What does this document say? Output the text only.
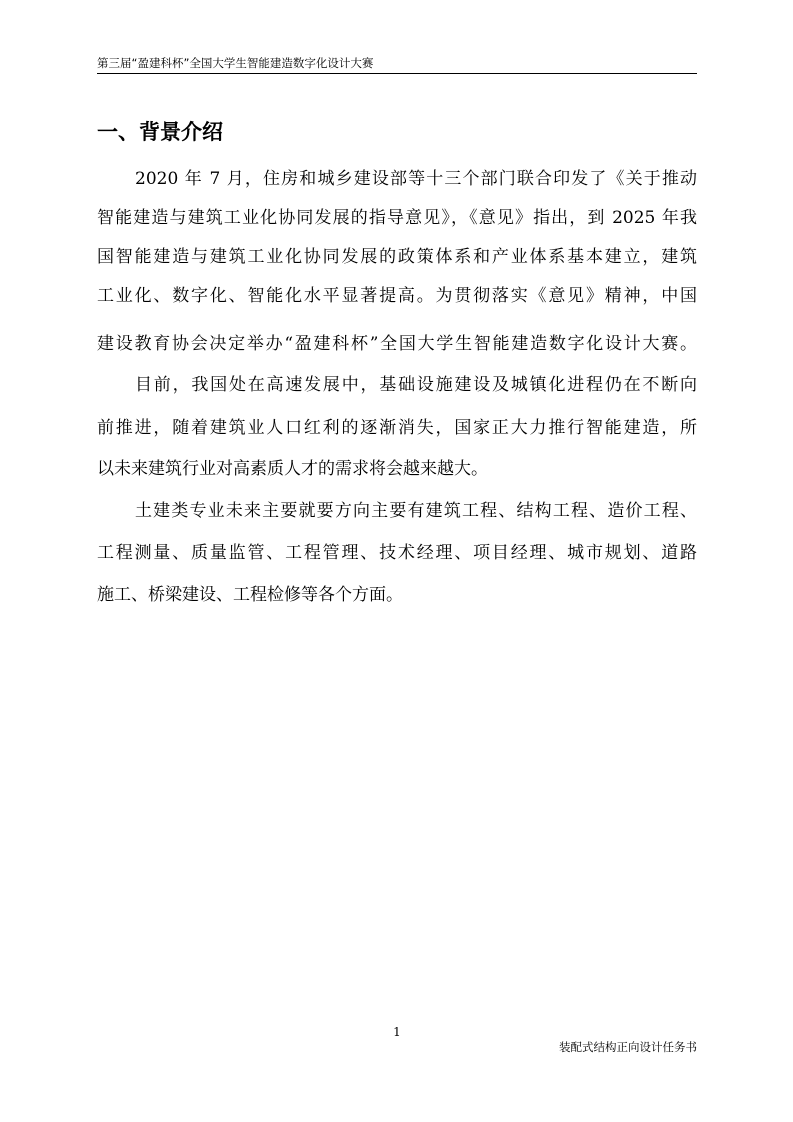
第三届“盈建科杯”全国大学生智能建造数字化设计大赛
一、背景介绍
2020 年 7 月，住房和城乡建设部等十三个部门联合印发了《关于推动
智能建造与建筑工业化协同发展的指导意见》，《意见》指出，到 2025 年我
国智能建造与建筑工业化协同发展的政策体系和产业体系基本建立，建筑
工业化、数字化、智能化水平显著提高。为贯彻落实《意见》精神，中国
建设教育协会决定举办“盈建科杯”全国大学生智能建造数字化设计大赛。
目前，我国处在高速发展中，基础设施建设及城镇化进程仍在不断向
前推进，随着建筑业人口红利的逐渐消失，国家正大力推行智能建造，所
以未来建筑行业对高素质人才的需求将会越来越大。
土建类专业未来主要就要方向主要有建筑工程、结构工程、造价工程、
工程测量、质量监管、工程管理、技术经理、项目经理、城市规划、道路
施工、桥梁建设、工程检修等各个方面。
1
装配式结构正向设计任务书
